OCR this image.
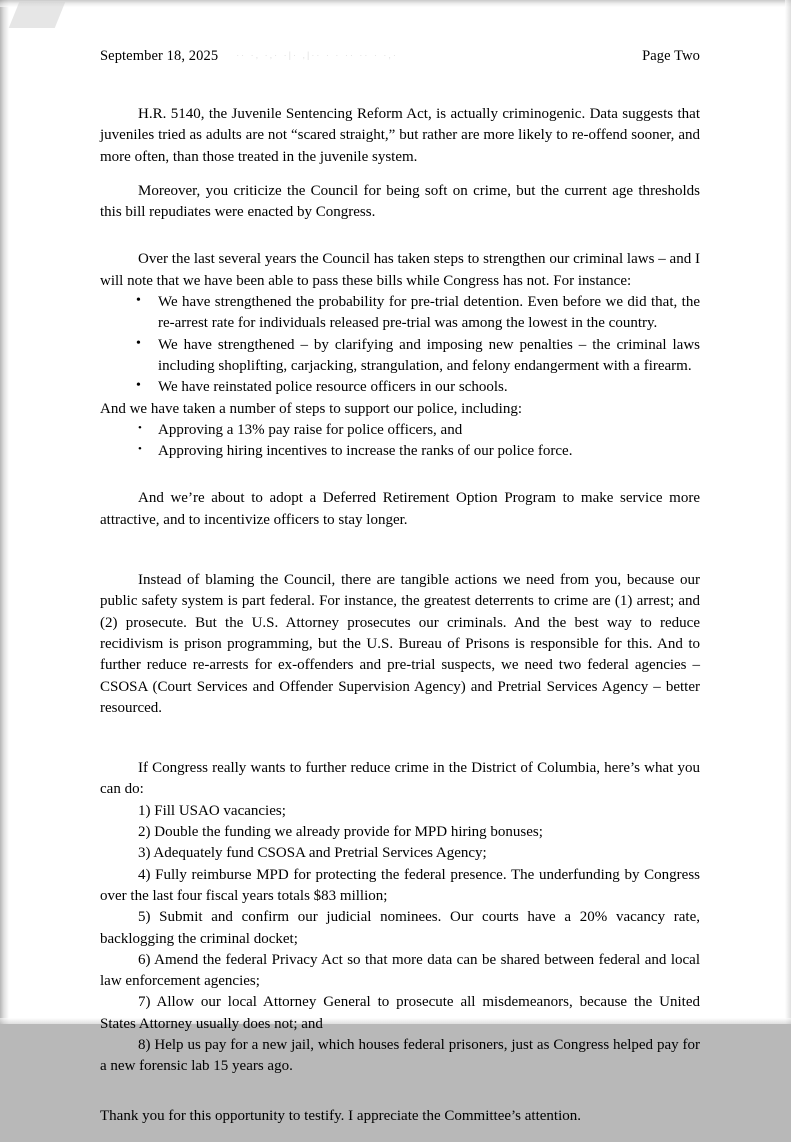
September 18, 2025 ·· ·, ·,· ·|· ,|·· · · ·· ·· · ·,·	Page Two

H.R. 5140, the Juvenile Sentencing Reform Act, is actually criminogenic. Data suggests that juveniles tried as adults are not “scared straight,” but rather are more likely to re-offend sooner, and more often, than those treated in the juvenile system.

Moreover, you criticize the Council for being soft on crime, but the current age thresholds this bill repudiates were enacted by Congress.

Over the last several years the Council has taken steps to strengthen our criminal laws – and I will note that we have been able to pass these bills while Congress has not. For instance:

• We have strengthened the probability for pre-trial detention. Even before we did that, the re-arrest rate for individuals released pre-trial was among the lowest in the country.
• We have strengthened – by clarifying and imposing new penalties – the criminal laws including shoplifting, carjacking, strangulation, and felony endangerment with a firearm.
• We have reinstated police resource officers in our schools.

And we have taken a number of steps to support our police, including:

• Approving a 13% pay raise for police officers, and
• Approving hiring incentives to increase the ranks of our police force.

And we’re about to adopt a Deferred Retirement Option Program to make service more attractive, and to incentivize officers to stay longer.

Instead of blaming the Council, there are tangible actions we need from you, because our public safety system is part federal. For instance, the greatest deterrents to crime are (1) arrest; and (2) prosecute. But the U.S. Attorney prosecutes our criminals. And the best way to reduce recidivism is prison programming, but the U.S. Bureau of Prisons is responsible for this. And to further reduce re-arrests for ex-offenders and pre-trial suspects, we need two federal agencies – CSOSA (Court Services and Offender Supervision Agency) and Pretrial Services Agency – better resourced.

If Congress really wants to further reduce crime in the District of Columbia, here’s what you can do:

1) Fill USAO vacancies;
2) Double the funding we already provide for MPD hiring bonuses;
3) Adequately fund CSOSA and Pretrial Services Agency;
4) Fully reimburse MPD for protecting the federal presence. The underfunding by Congress over the last four fiscal years totals $83 million;
5) Submit and confirm our judicial nominees. Our courts have a 20% vacancy rate, backlogging the criminal docket;
6) Amend the federal Privacy Act so that more data can be shared between federal and local law enforcement agencies;
7) Allow our local Attorney General to prosecute all misdemeanors, because the United States Attorney usually does not; and
8) Help us pay for a new jail, which houses federal prisoners, just as Congress helped pay for a new forensic lab 15 years ago.

Thank you for this opportunity to testify. I appreciate the Committee’s attention.
